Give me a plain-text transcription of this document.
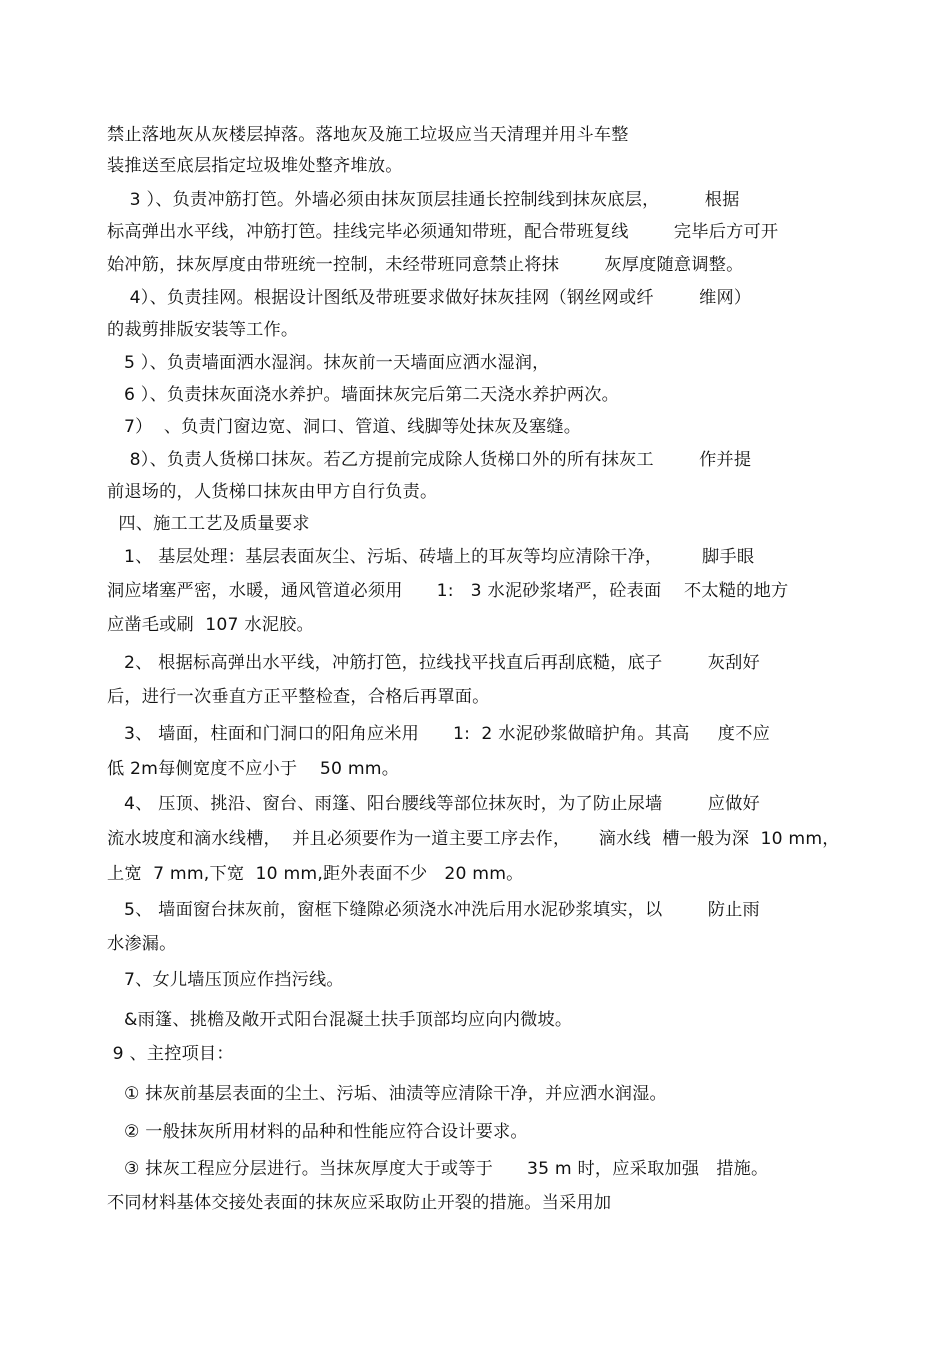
禁止落地灰从灰楼层掉落。落地灰及施工垃圾应当天清理并用斗车整
装推送至底层指定垃圾堆处整齐堆放。
3 ）、负责冲筋打笆。外墙必须由抹灰顶层挂通长控制线到抹灰底层，        根据
标高弹出水平线，冲筋打笆。挂线完毕必须通知带班，配合带班复线        完毕后方可开
始冲筋，抹灰厚度由带班统一控制，未经带班同意禁止将抹        灰厚度随意调整。
4）、负责挂网。根据设计图纸及带班要求做好抹灰挂网（钢丝网或纤        维网）
的裁剪排版安装等工作。
5 ）、负责墙面洒水湿润。抹灰前一天墙面应洒水湿润，
6 ）、负责抹灰面浇水养护。墙面抹灰完后第二天浇水养护两次。
7）  、负责门窗边宽、洞口、管道、线脚等处抹灰及塞缝。
8）、负责人货梯口抹灰。若乙方提前完成除人货梯口外的所有抹灰工        作并提
前退场的，人货梯口抹灰由甲方自行负责。
四、施工工艺及质量要求
1、 基层处理：基层表面灰尘、污垢、砖墙上的耳灰等均应清除干净，       脚手眼
洞应堵塞严密，水暖，通风管道必须用      1:   3 水泥砂浆堵严，砼表面    不太糙的地方
应凿毛或刷  107 水泥胶。
2、 根据标高弹出水平线，冲筋打笆，拉线找平找直后再刮底糙，底子        灰刮好
后，进行一次垂直方正平整检查，合格后再罩面。
3、 墙面，柱面和门洞口的阳角应米用      1:  2 水泥砂浆做暗护角。其高     度不应
低 2m每侧宽度不应小于    50 mm。
4、 压顶、挑沿、窗台、雨篷、阳台腰线等部位抹灰时，为了防止尿墙        应做好
流水坡度和滴水线槽，  并且必须要作为一道主要工序去作，     滴水线  槽一般为深  10 mm，
上宽  7 mm,下宽  10 mm,距外表面不少   20 mm。
5、 墙面窗台抹灰前，窗框下缝隙必须浇水冲洗后用水泥砂浆填实，以        防止雨
水渗漏。
7、女儿墙压顶应作挡污线。
&雨篷、挑檐及敞开式阳台混凝土扶手顶部均应向内微坡。
9 、主控项目：
① 抹灰前基层表面的尘土、污垢、油渍等应清除干净，并应洒水润湿。
② 一般抹灰所用材料的品种和性能应符合设计要求。
③ 抹灰工程应分层进行。当抹灰厚度大于或等于      35 m 时，应采取加强   措施。
不同材料基体交接处表面的抹灰应采取防止开裂的措施。当采用加
